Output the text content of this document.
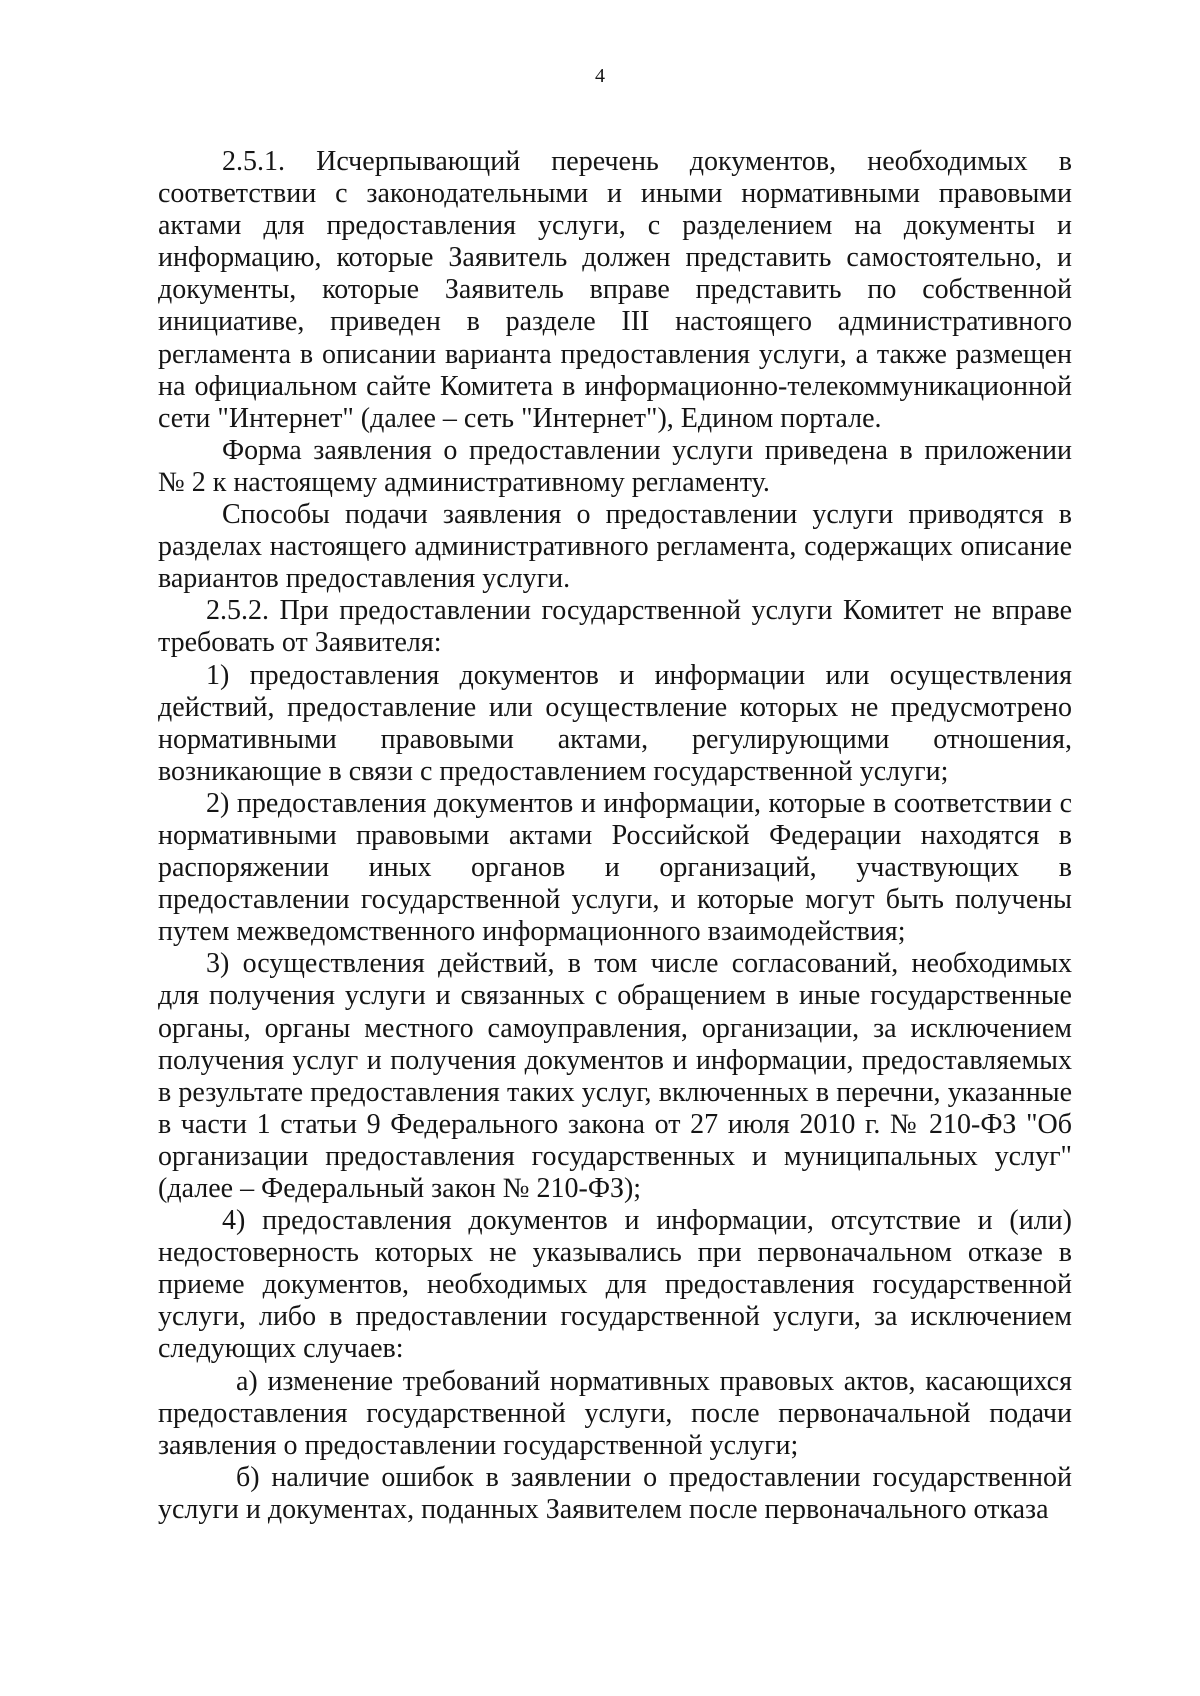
4

2.5.1. Исчерпывающий перечень документов, необходимых в соответствии с законодательными и иными нормативными правовыми актами для предоставления услуги, с разделением на документы и информацию, которые Заявитель должен представить самостоятельно, и документы, которые Заявитель вправе представить по собственной инициативе, приведен в разделе III настоящего административного регламента в описании варианта предоставления услуги, а также размещен на официальном сайте Комитета в информационно-телекоммуникационной сети "Интернет" (далее – сеть "Интернет"), Едином портале.

Форма заявления о предоставлении услуги приведена в приложении № 2 к настоящему административному регламенту.

Способы подачи заявления о предоставлении услуги приводятся в разделах настоящего административного регламента, содержащих описание вариантов предоставления услуги.

2.5.2. При предоставлении государственной услуги Комитет не вправе требовать от Заявителя:

1) предоставления документов и информации или осуществления действий, предоставление или осуществление которых не предусмотрено нормативными правовыми актами, регулирующими отношения, возникающие в связи с предоставлением государственной услуги;

2) предоставления документов и информации, которые в соответствии с нормативными правовыми актами Российской Федерации находятся в распоряжении иных органов и организаций, участвующих в предоставлении государственной услуги, и которые могут быть получены путем межведомственного информационного взаимодействия;

3) осуществления действий, в том числе согласований, необходимых для получения услуги и связанных с обращением в иные государственные органы, органы местного самоуправления, организации, за исключением получения услуг и получения документов и информации, предоставляемых в результате предоставления таких услуг, включенных в перечни, указанные в части 1 статьи 9 Федерального закона от 27 июля 2010 г. № 210-ФЗ "Об организации предоставления государственных и муниципальных услуг" (далее – Федеральный закон № 210-ФЗ);

4) предоставления документов и информации, отсутствие и (или) недостоверность которых не указывались при первоначальном отказе в приеме документов, необходимых для предоставления государственной услуги, либо в предоставлении государственной услуги, за исключением следующих случаев:

а) изменение требований нормативных правовых актов, касающихся предоставления государственной услуги, после первоначальной подачи заявления о предоставлении государственной услуги;

б) наличие ошибок в заявлении о предоставлении государственной услуги и документах, поданных Заявителем после первоначального отказа
